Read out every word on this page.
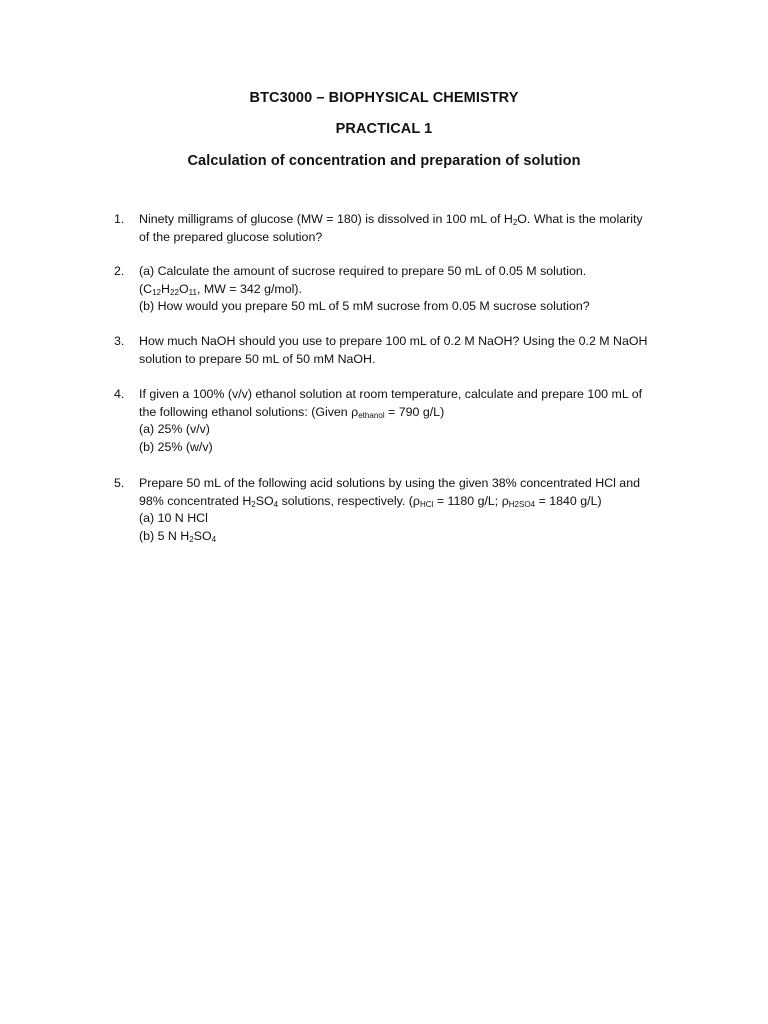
BTC3000 – BIOPHYSICAL CHEMISTRY
PRACTICAL 1
Calculation of concentration and preparation of solution
1.	Ninety milligrams of glucose (MW = 180) is dissolved in 100 mL of $H_2O$. What is the molarity
of the prepared glucose solution?
2.	(a) Calculate the amount of sucrose required to prepare 50 mL of 0.05 M solution.
($C_{12}H_{22}O_{11}$, MW = 342 g/mol).
(b) How would you prepare 50 mL of 5 mM sucrose from 0.05 M sucrose solution?
3.	How much NaOH should you use to prepare 100 mL of 0.2 M NaOH? Using the 0.2 M NaOH
solution to prepare 50 mL of 50 mM NaOH.
4.	If given a 100% (v/v) ethanol solution at room temperature, calculate and prepare 100 mL of
the following ethanol solutions: (Given $\rho_{ethanol} = 790$ g/L)
(a) 25% (v/v)
(b) 25% (w/v)
5.	Prepare 50 mL of the following acid solutions by using the given 38% concentrated HCl and
98% concentrated $H_2SO_4$ solutions, respectively. ($\rho_{HCl} = 1180$ g/L; $\rho_{H2SO4} = 1840$ g/L)
(a) 10 N HCl
(b) 5 N $H_2SO_4$
